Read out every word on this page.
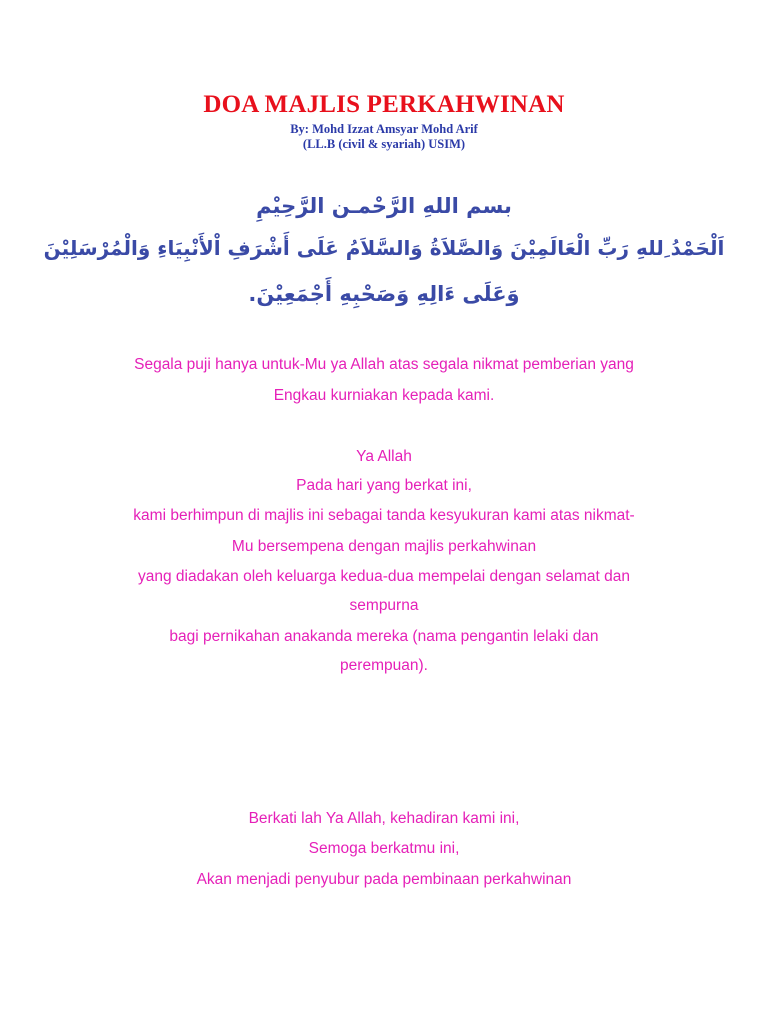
DOA MAJLIS PERKAHWINAN
By: Mohd Izzat Amsyar Mohd Arif
(LL.B (civil & syariah) USIM)
بسم اللهِ الرَّحْمـن الرَّحِيْمِ
اَلْحَمْدُ ِللهِ رَبِّ الْعَالَمِيْنَ وَالصَّلاَةُ وَالسَّلاَمُ عَلَى أَشْرَفِ اْلأَنْبِيَاءِ وَالْمُرْسَلِيْنَ
وَعَلَى ءَالِهِ وَصَحْبِهِ أَجْمَعِيْنَ.
Segala puji hanya untuk-Mu ya Allah atas segala nikmat pemberian yang
Engkau kurniakan kepada kami.
Ya Allah
Pada hari yang berkat ini,
kami berhimpun di majlis ini sebagai tanda kesyukuran kami atas nikmat-
Mu bersempena dengan majlis perkahwinan
yang diadakan oleh keluarga kedua-dua mempelai dengan selamat dan
sempurna
bagi pernikahan anakanda mereka (nama pengantin lelaki dan
perempuan).
Berkati lah Ya Allah, kehadiran kami ini,
Semoga berkatmu ini,
Akan menjadi penyubur pada pembinaan perkahwinan
